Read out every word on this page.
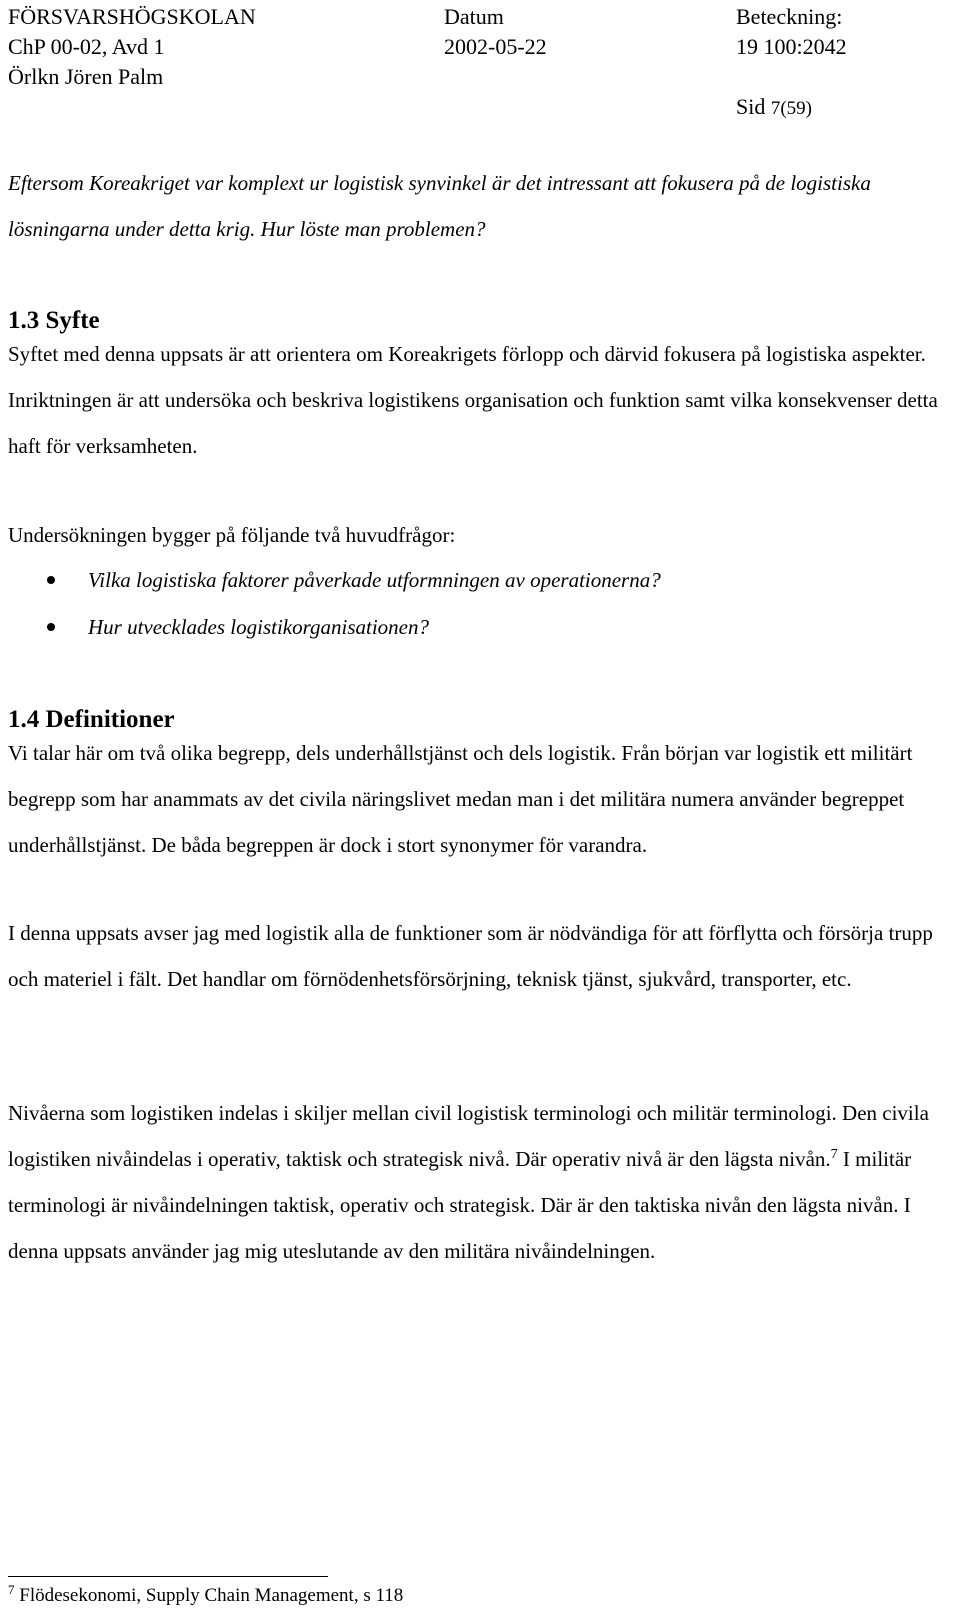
FÖRSVARSHÖGSKOLAN
ChP 00-02, Avd 1
Örlkn Jören Palm
Datum
2002-05-22
Beteckning:
19 100:2042
Sid 7(59)

Eftersom Koreakriget var komplext ur logistisk synvinkel är det intressant att fokusera på de logistiska lösningarna under detta krig. Hur löste man problemen?

1.3 Syfte

Syftet med denna uppsats är att orientera om Koreakrigets förlopp och därvid fokusera på logistiska aspekter. Inriktningen är att undersöka och beskriva logistikens organisation och funktion samt vilka konsekvenser detta haft för verksamheten.

Undersökningen bygger på följande två huvudfrågor:

Vilka logistiska faktorer påverkade utformningen av operationerna?
Hur utvecklades logistikorganisationen?
1.4 Definitioner

Vi talar här om två olika begrepp, dels underhållstjänst och dels logistik. Från början var logistik ett militärt begrepp som har anammats av det civila näringslivet medan man i det militära numera använder begreppet underhållstjänst. De båda begreppen är dock i stort synonymer för varandra.

I denna uppsats avser jag med logistik alla de funktioner som är nödvändiga för att förflytta och försörja trupp och materiel i fält. Det handlar om förnödenhetsförsörjning, teknisk tjänst, sjukvård, transporter, etc.

Nivåerna som logistiken indelas i skiljer mellan civil logistisk terminologi och militär terminologi. Den civila logistiken nivåindelas i operativ, taktisk och strategisk nivå. Där operativ nivå är den lägsta nivån.$^7$ I militär terminologi är nivåindelningen taktisk, operativ och strategisk. Där är den taktiska nivån den lägsta nivån. I denna uppsats använder jag mig uteslutande av den militära nivåindelningen.

$^7$ Flödesekonomi, Supply Chain Management, s 118
